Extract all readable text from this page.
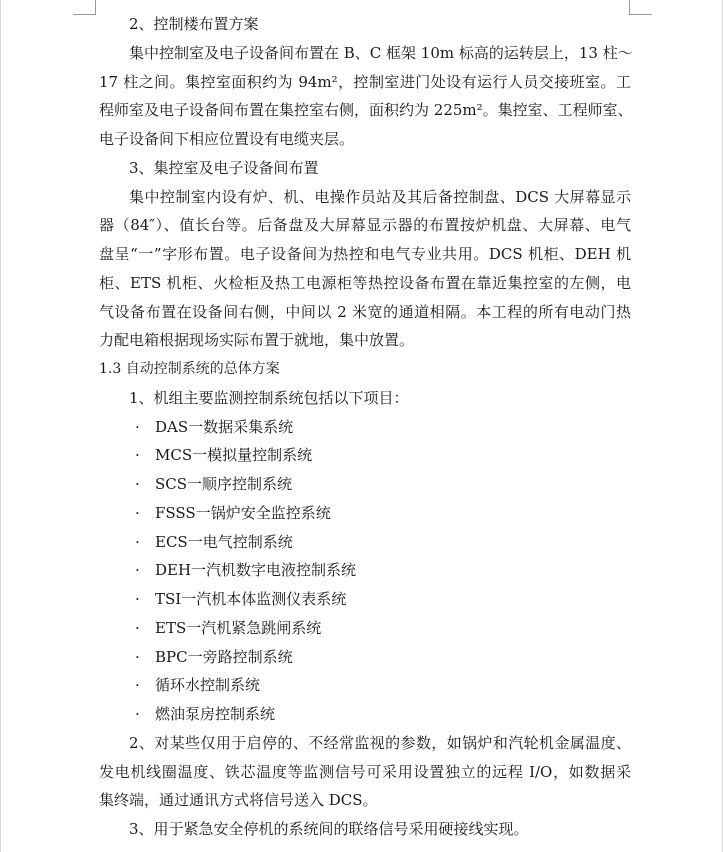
2、控制楼布置方案
集中控制室及电子设备间布置在 B、C 框架 10m 标高的运转层上，13 柱～
17 柱之间。集控室面积约为 94m²，控制室进门处设有运行人员交接班室。工
程师室及电子设备间布置在集控室右侧，面积约为 225m²。集控室、工程师室、
电子设备间下相应位置设有电缆夹层。
3、集控室及电子设备间布置
集中控制室内设有炉、机、电操作员站及其后备控制盘、DCS 大屏幕显示
器（84″）、值长台等。后备盘及大屏幕显示器的布置按炉机盘、大屏幕、电气
盘呈“一”字形布置。电子设备间为热控和电气专业共用。DCS 机柜、DEH 机
柜、ETS 机柜、火检柜及热工电源柜等热控设备布置在靠近集控室的左侧，电
气设备布置在设备间右侧，中间以 2 米宽的通道相隔。本工程的所有电动门热
力配电箱根据现场实际布置于就地，集中放置。
1.3 自动控制系统的总体方案
1、机组主要监测控制系统包括以下项目：
· DAS一数据采集系统
· MCS一模拟量控制系统
· SCS一顺序控制系统
· FSSS一锅炉安全监控系统
· ECS一电气控制系统
· DEH一汽机数字电液控制系统
· TSI一汽机本体监测仪表系统
· ETS一汽机紧急跳闸系统
· BPC一旁路控制系统
· 循环水控制系统
· 燃油泵房控制系统
2、对某些仅用于启停的、不经常监视的参数，如锅炉和汽轮机金属温度、
发电机线圈温度、铁芯温度等监测信号可采用设置独立的远程 I/O，如数据采
集终端，通过通讯方式将信号送入 DCS。
3、用于紧急安全停机的系统间的联络信号采用硬接线实现。
